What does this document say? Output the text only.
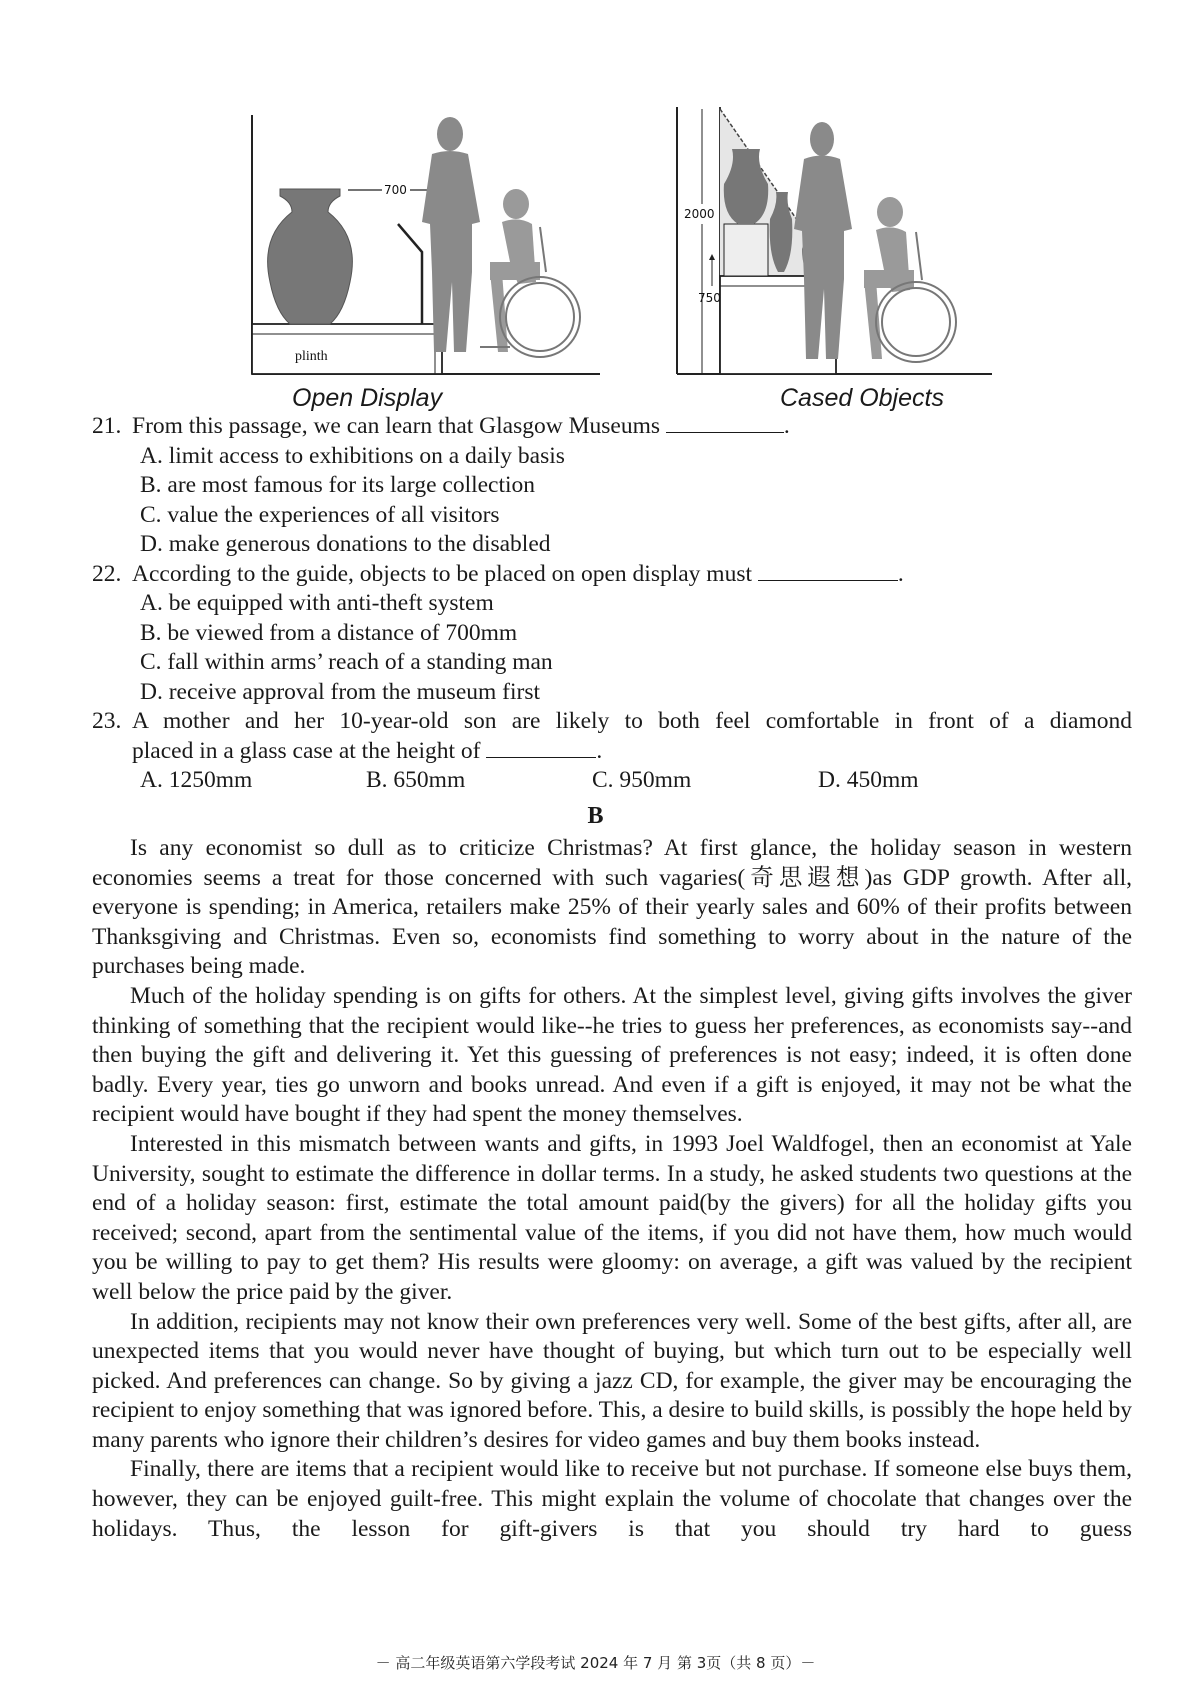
plinth
700
Open Display
2000
750
Cased Objects
21. From this passage, we can learn that Glasgow Museums	.
A. limit access to exhibitions on a daily basis
B. are most famous for its large collection
C. value the experiences of all visitors
D. make generous donations to the disabled
22. According to the guide, objects to be placed on open display must	.
A. be equipped with anti-theft system
B. be viewed from a distance of 700mm
C. fall within arms’ reach of a standing man
D. receive approval from the museum first
23. A mother and her 10-year-old son are likely to both feel comfortable in front of a diamond
placed in a glass case at the height of	.
A. 1250mm	B. 650mm	C. 950mm	D. 450mm
B

Is any economist so dull as to criticize Christmas? At first glance, the holiday season in western economies seems a treat for those concerned with such vagaries(奇思遐想)as GDP growth. After all, everyone is spending; in America, retailers make 25% of their yearly sales and 60% of their profits between Thanksgiving and Christmas. Even so, economists find something to worry about in the nature of the purchases being made.

Much of the holiday spending is on gifts for others. At the simplest level, giving gifts involves the giver thinking of something that the recipient would like--he tries to guess her preferences, as economists say--and then buying the gift and delivering it. Yet this guessing of preferences is not easy; indeed, it is often done badly. Every year, ties go unworn and books unread. And even if a gift is enjoyed, it may not be what the recipient would have bought if they had spent the money themselves.

Interested in this mismatch between wants and gifts, in 1993 Joel Waldfogel, then an economist at Yale University, sought to estimate the difference in dollar terms. In a study, he asked students two questions at the end of a holiday season: first, estimate the total amount paid(by the givers) for all the holiday gifts you received; second, apart from the sentimental value of the items, if you did not have them, how much would you be willing to pay to get them? His results were gloomy: on average, a gift was valued by the recipient well below the price paid by the giver.

In addition, recipients may not know their own preferences very well. Some of the best gifts, after all, are unexpected items that you would never have thought of buying, but which turn out to be especially well picked. And preferences can change. So by giving a jazz CD, for example, the giver may be encouraging the recipient to enjoy something that was ignored before. This, a desire to build skills, is possibly the hope held by many parents who ignore their children’s desires for video games and buy them books instead.

Finally, there are items that a recipient would like to receive but not purchase. If someone else buys them, however, they can be enjoyed guilt-free. This might explain the volume of chocolate that changes over the holidays. Thus, the lesson for gift-givers is that you should try hard to guess

－ 高二年级英语第六学段考试 2024 年 7 月 第 3页（共 8 页）－
